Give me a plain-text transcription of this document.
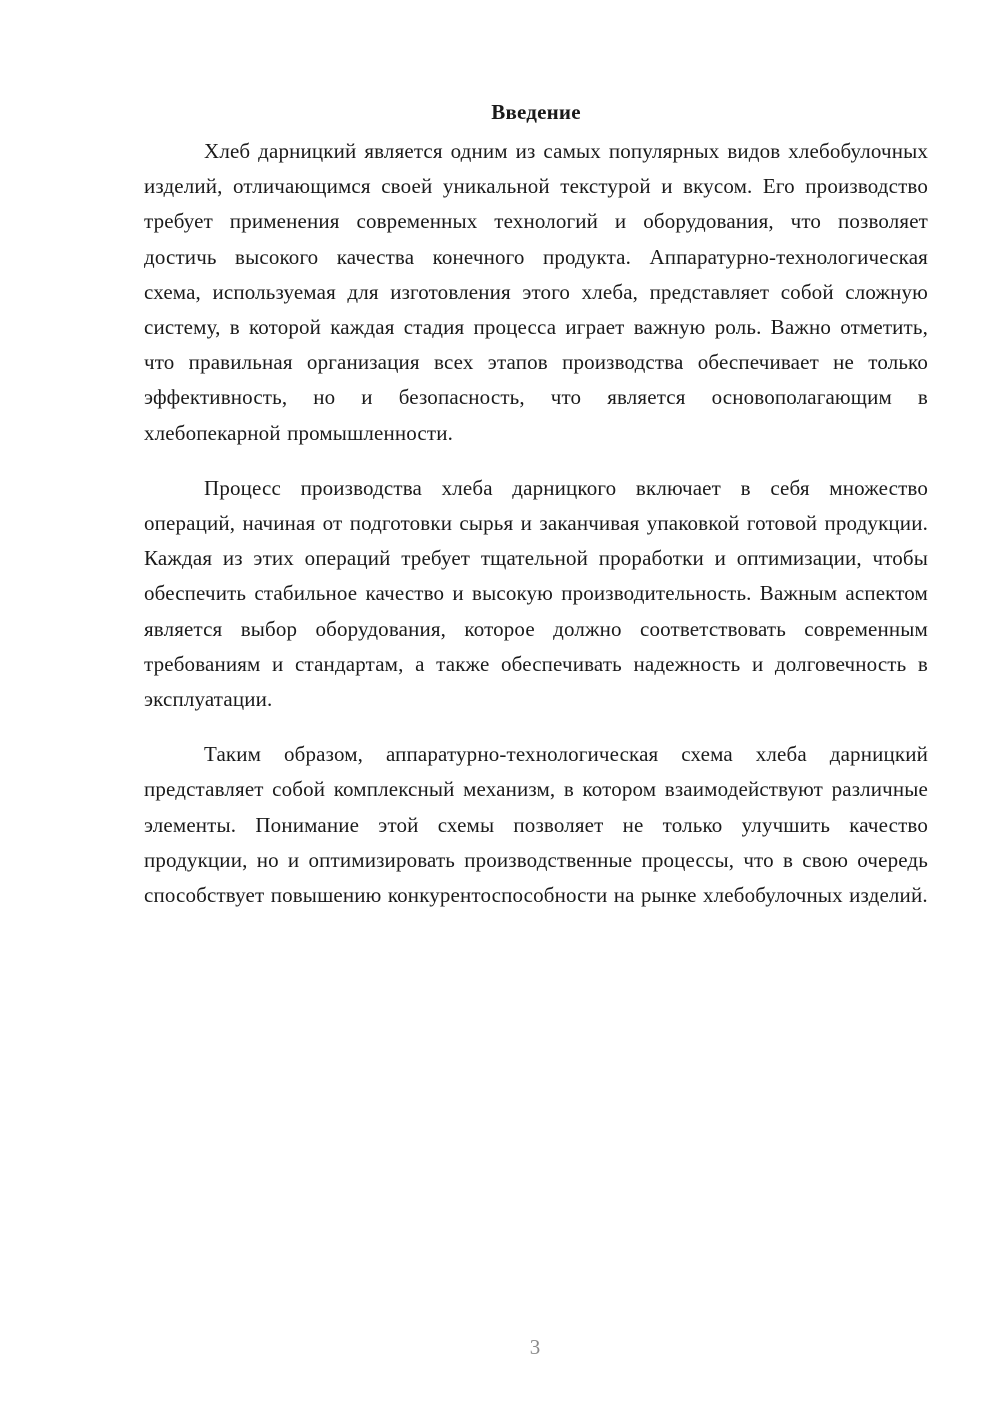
Введение

Хлеб дарницкий является одним из самых популярных видов хлебобулочных изделий, отличающимся своей уникальной текстурой и вкусом. Его производство требует применения современных технологий и оборудования, что позволяет достичь высокого качества конечного продукта. Аппаратурно-технологическая схема, используемая для изготовления этого хлеба, представляет собой сложную систему, в которой каждая стадия процесса играет важную роль. Важно отметить, что правильная организация всех этапов производства обеспечивает не только эффективность, но и безопасность, что является основополагающим в хлебопекарной промышленности.

Процесс производства хлеба дарницкого включает в себя множество операций, начиная от подготовки сырья и заканчивая упаковкой готовой продукции. Каждая из этих операций требует тщательной проработки и оптимизации, чтобы обеспечить стабильное качество и высокую производительность. Важным аспектом является выбор оборудования, которое должно соответствовать современным требованиям и стандартам, а также обеспечивать надежность и долговечность в эксплуатации.

Таким образом, аппаратурно-технологическая схема хлеба дарницкий представляет собой комплексный механизм, в котором взаимодействуют различные элементы. Понимание этой схемы позволяет не только улучшить качество продукции, но и оптимизировать производственные процессы, что в свою очередь способствует повышению конкурентоспособности на рынке хлебобулочных изделий.

3
